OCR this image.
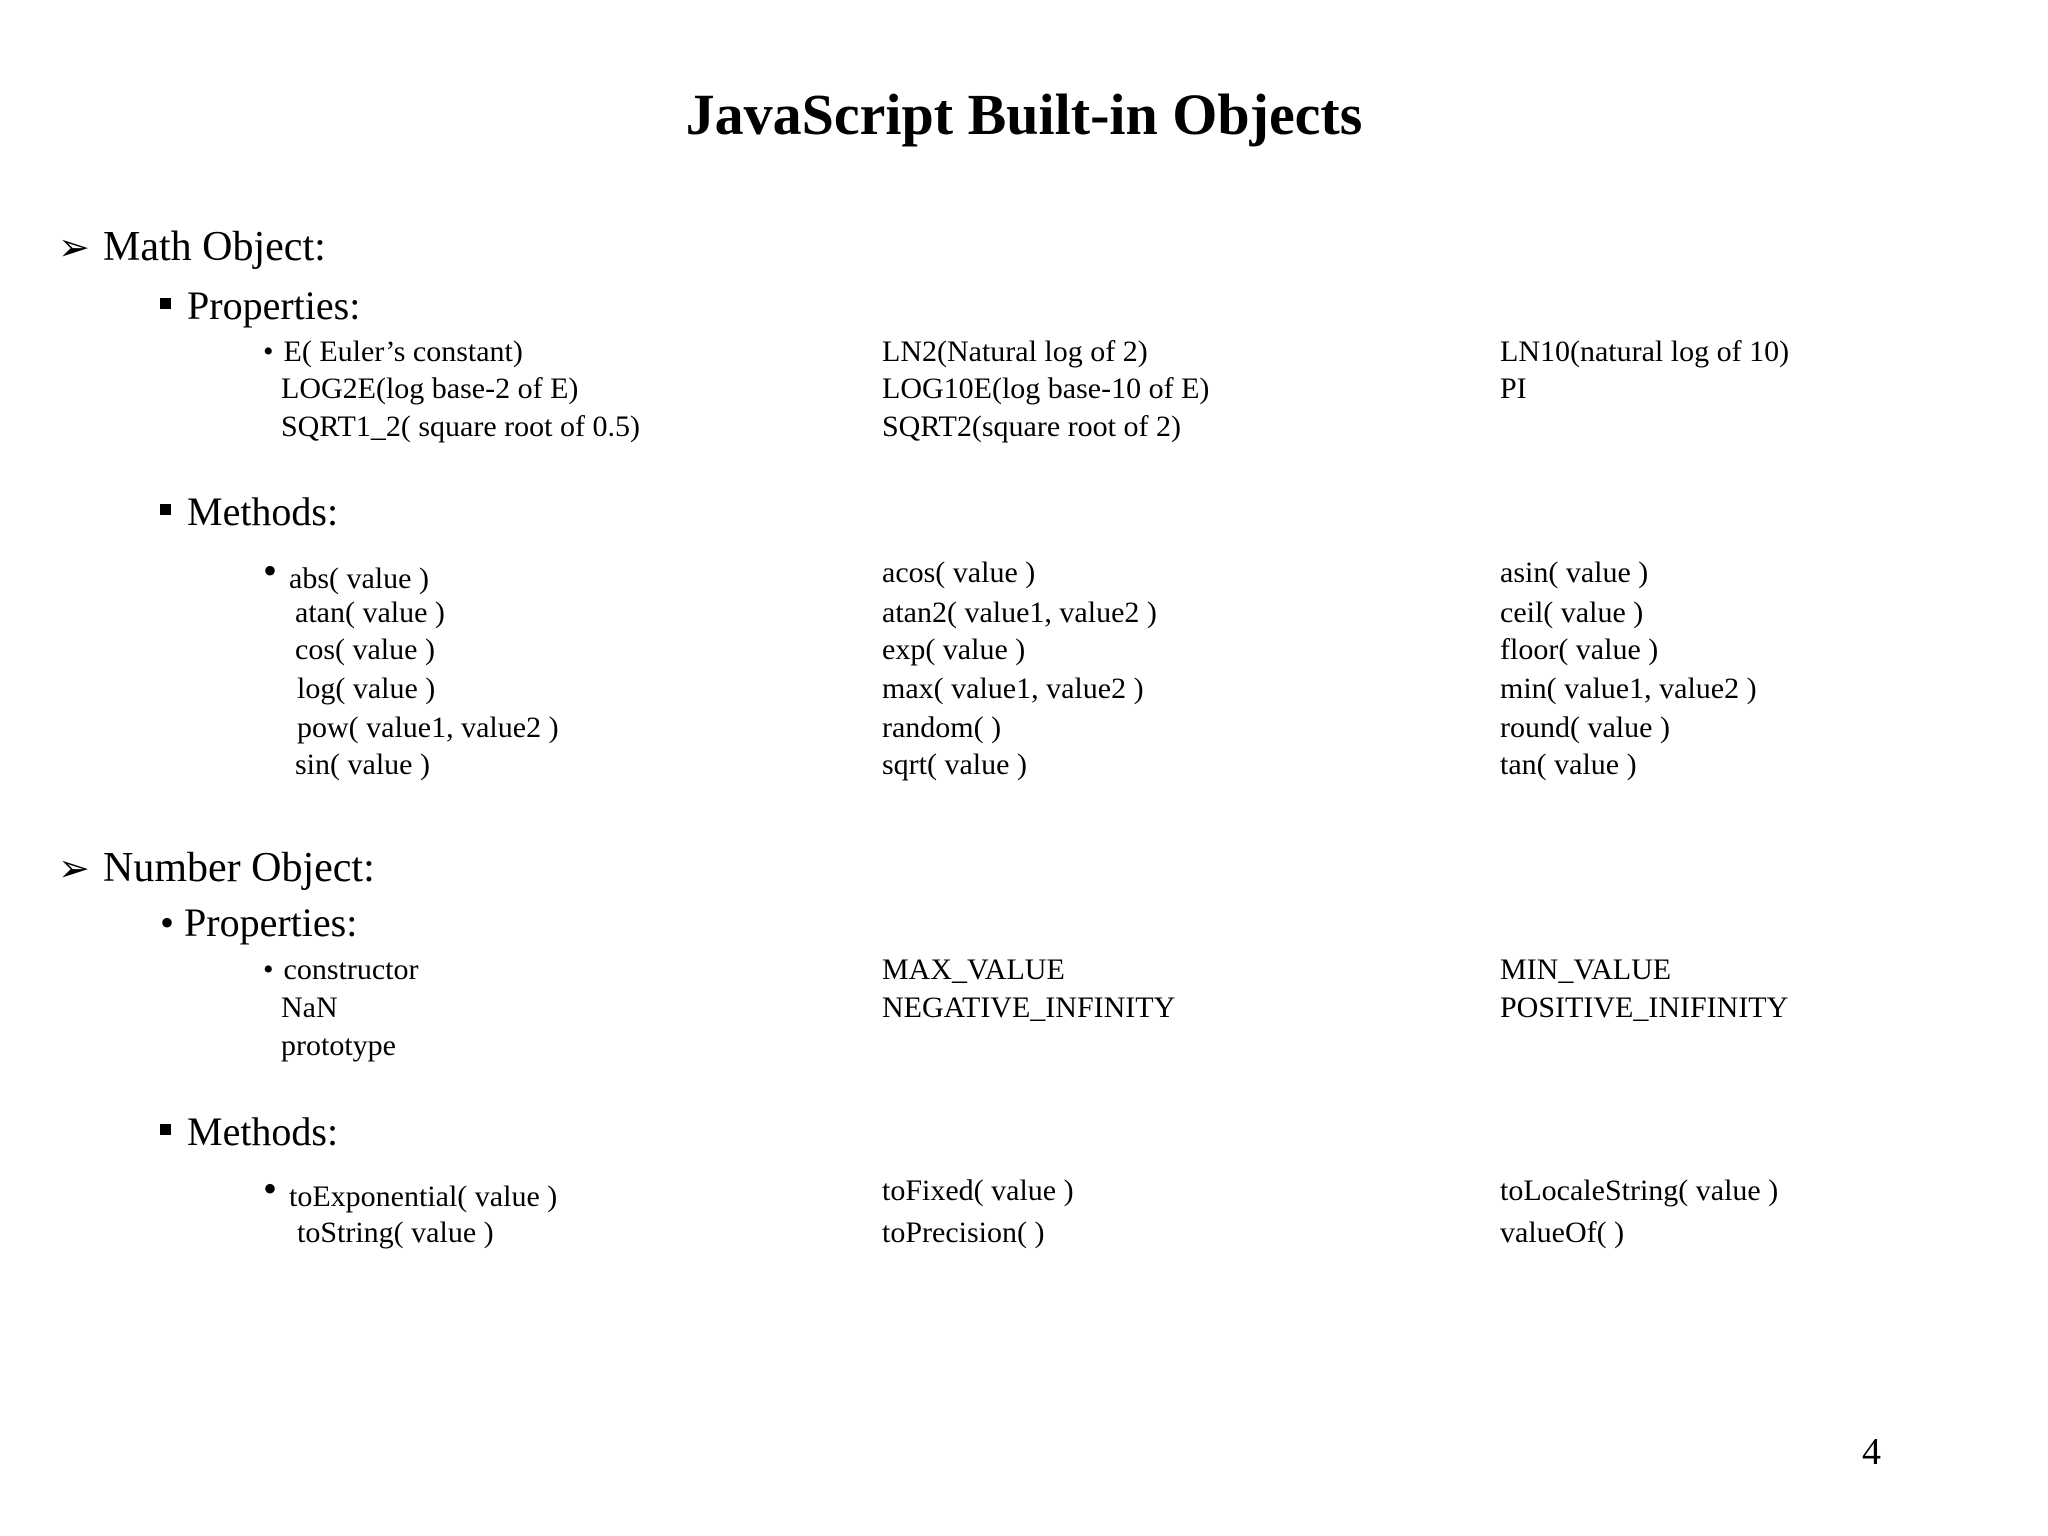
JavaScript Built-in Objects
➢ Math Object:
Properties:
• E( Euler’s constant)	LN2(Natural log of 2)	LN10(natural log of 10)
LOG2E(log base-2 of E)	LOG10E(log base-10 of E)	PI
SQRT1_2( square root of 0.5)	SQRT2(square root of 2)
Methods:
• abs( value )	acos( value )	asin( value )
atan( value )	atan2( value1, value2 )	ceil( value )
cos( value )	exp( value )	floor( value )
log( value )	max( value1, value2 )	min( value1, value2 )
pow( value1, value2 )	random( )	round( value )
sin( value )	sqrt( value )	tan( value )
➢ Number Object:
• Properties:
• constructor	MAX_VALUE	MIN_VALUE
NaN	NEGATIVE_INFINITY	POSITIVE_INIFINITY
prototype
Methods:
• toExponential( value )	toFixed( value )	toLocaleString( value )
toString( value )	toPrecision( )	valueOf( )
4
